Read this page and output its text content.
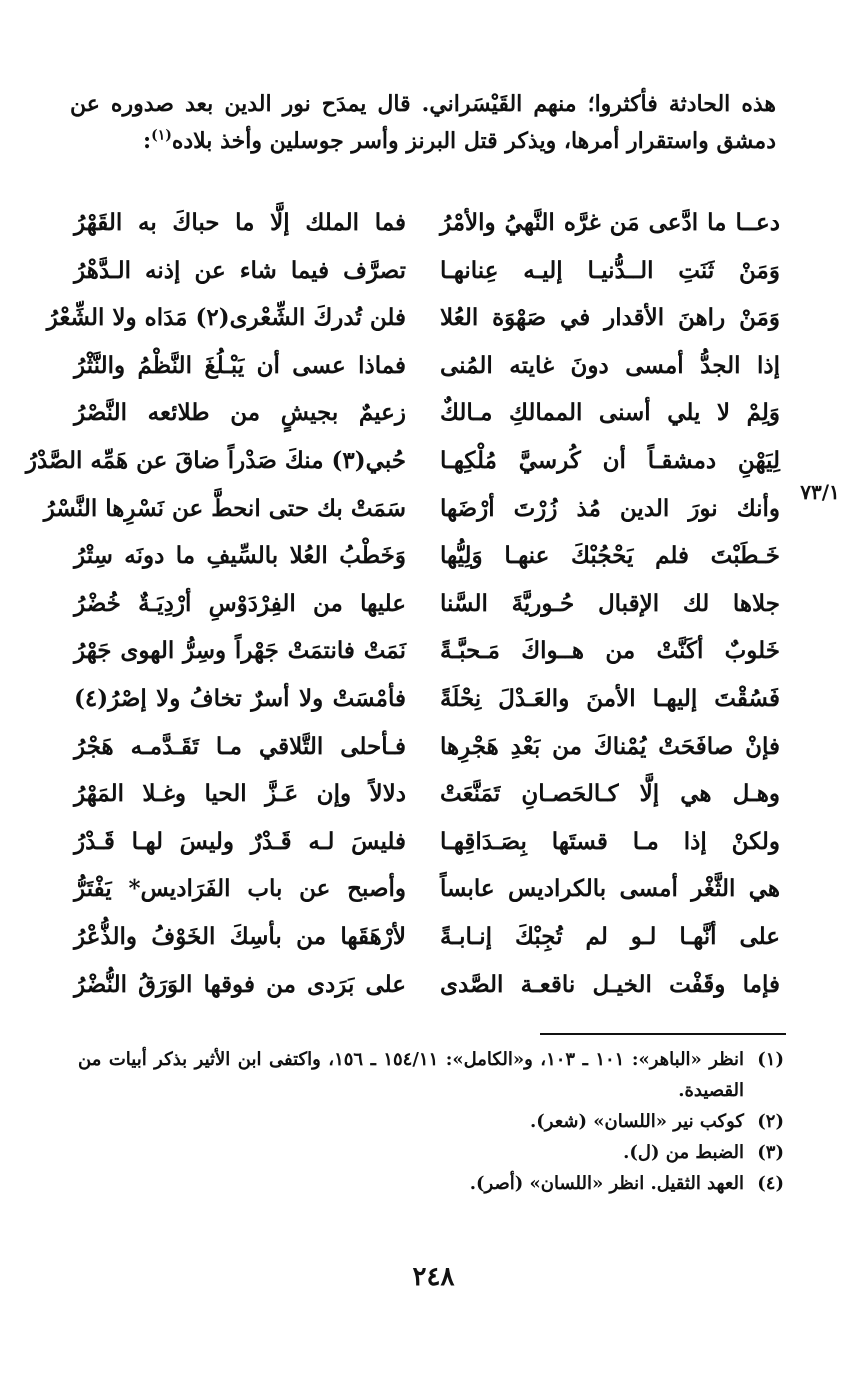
هذه الحادثة فأكثروا؛ منهم القَيْسَراني. قال يمدَح نور الدين بعد صدوره عن دمشق واستقرار أمرها، ويذكر قتل البرنز وأسر جوسلين وأخذ بلاده$^{(١)}$:
٧٣/١
دعــا ما ادَّعى مَن غرَّه النَّهيُ والأمْرُ
فما الملك إلَّا ما حباكَ به القَهْرُ
وَمَنْ ثَنَتِ الــدُّنيـا إليـه عِنانهـا
تصرَّف فيما شاء عن إذنه الـدَّهْرُ
وَمَنْ راهنَ الأقدار في صَهْوَة العُلا
فلن تُدركَ الشِّعْرى(٢) مَدَاه ولا الشِّعْرُ
إذا الجدُّ أمسى دونَ غايته المُنى
فماذا عسى أن يَبْـلُغَ النَّظْمُ والنَّثْرُ
وَلِمْ لا يلي أسنى الممالكِ مـالكٌ
زعيمٌ بجيشٍ من طلائعه النَّصْرُ
لِيَهْنِ دمشقـاً أن كُرسيَّ مُلْكِهـا
حُبي(٣) منكَ صَدْراً ضاقَ عن هَمِّه الصَّدْرُ
وأنك نورَ الدين مُذ زُرْتَ أرْضَها
سَمَتْ بك حتى انحطَّ عن نَسْرِها النَّسْرُ
خَـطَبْتَ فلم يَحْجُبْكَ عنهـا وَلِيُّها
وَخَطْبُ العُلا بالسِّيفِ ما دونَه سِتْرُ
جلاها لك الإقبال حُـوريَّةَ السَّنا
عليها من الفِرْدَوْسِ أرْدِيَـةٌ خُضْرُ
خَلوبٌ أكَنَّتْ من هــواكَ مَـحبَّـةً
نَمَتْ فانتمَتْ جَهْراً وسِرُّ الهوى جَهْرُ
فَسُقْتَ إليهـا الأمنَ والعَـدْلَ نِحْلَةً
فأمْسَتْ ولا أسرٌ تخافُ ولا إصْرُ(٤)
فإنْ صافَحَتْ يُمْناكَ من بَعْدِ هَجْرِها
فـأحلى التَّلاقي مـا تَقَـدَّمـه هَجْرُ
وهـل هي إلَّا كـالحَصـانِ تَمَنَّعَتْ
دلالاً وإن عَـزَّ الحيا وغـلا المَهْرُ
ولكنْ إذا مـا قستَها بِصَـدَاقِهـا
فليسَ لـه قَـدْرٌ وليسَ لهـا قَـدْرُ
هي الثَّغْر أمسى بالكراديس عابساً
وأصبح عن باب الفَرَاديس* يَفْتَرُّ
على أنَّهـا لـو لم تُجِبْكَ إنـابـةً
لأرْهَقَها من بأسِكَ الخَوْفُ والذُّعْرُ
فإما وقَفْت الخيـل ناقعـة الصَّدى
على بَرَدى من فوقها الوَرَقُ النُّضْرُ
(١)
انظر «الباهر»: ١٠١ ـ ١٠٣، و«الكامل»: ١٥٤/١١ ـ ١٥٦، واكتفى ابن الأثير بذكر أبيات من القصيدة.
(٢)
كوكب نير «اللسان» (شعر).
(٣)
الضبط من (ل).
(٤)
العهد الثقيل. انظر «اللسان» (أصر).
٢٤٨
